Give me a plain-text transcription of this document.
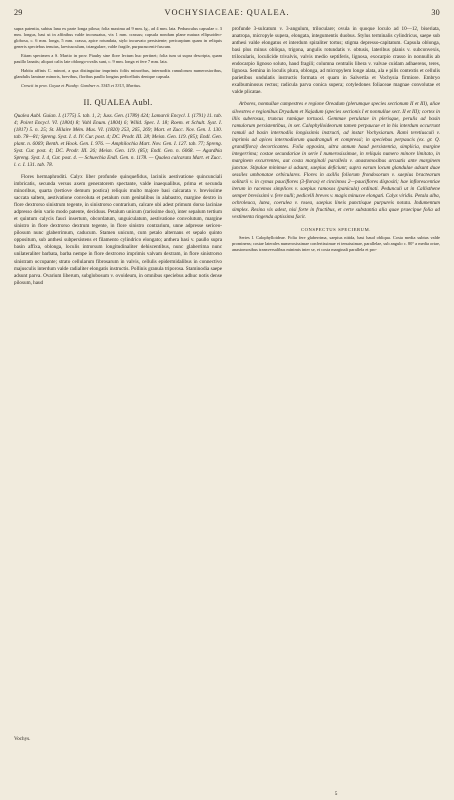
29	VOCHYSIACEAE: QUALEA.	30

supra patentia, subtus lana ex parte longa pilosa; folia maxima ad 9 mm. lg., ad 4 mm. lata. Pedunculus capsulae c. 3 mm. longus, basi ut in affinibus valde incrassatus, vix 1 mm. crassus; capsula nondum plane matura ellipsoideo-globosa, c. 6 mm. longa, 5 mm. crassa, apice rotundata, stylo incurvato persistente; pericarpium quam in reliquis generis speciebus tenuius, laeviusculum, triangulare, valde fragile, purpurascenti-fuscum.

Etiam specimen a S. Martio in prov. Piauhy sine flore lectum huc pertinet; folia tum ut supra descripta, quam pauillo lanatis; aliquot calix late oblongo-ovalis sunt, c. 9 mm. longa et fere 7 mm. lata.

Habitu affinis C. minori, a qua distinguitur imprimis foliis minoribus, internodiis ramulorum numerosioribus, glandulis laminae minoris, brevibus, floribus paullo longius pedicellatis denique capsula.

Crescit in prov. Goyaz et Piauhy: Gardner n. 3345 et 3313, Martius.

II. QUALEA Aubl.

Qualea Aubl. Guian. I. (1775) 5. tab. 1, 2; Juss. Gen. (1789) 424; Lamarck Encycl. I. (1791) 11. tab. 4; Poiret Encycl. VI. (1804) 8; Vahl Enum. (1804) 6; Willd. Spec. I. 18; Roem. et Schult. Syst. I. (1817) 5. n. 25; St. Hilaire Mém. Mus. VI. (1820) 253, 265, 269; Mart. et Zucc. Nov. Gen. I. 130. tab. 78—81; Spreng. Syst. I. 4. IV. Cur. post. 4; DC. Prodr. III. 28; Meisn. Gen. 119. (85); Endl. Gen. plant. n. 6069; Benth. et Hook. Gen. I. 976. — Amphilochia Mart. Nov. Gen. I. 127. tab. 77; Spreng. Syst. Cur. post. 4; DC. Prodr. III. 26; Meisn. Gen. 119. (85); Endl. Gen. n. 6068. — Agardhia Spreng. Syst. I. 4, Cur. post. 4. — Schuechia Endl. Gen. n. 1178. — Qualea calcarata Mart. et Zucc. l. c. I. 131. tab. 78.

Flores hermaphroditi. Calyx liber profunde quinquefidus, laciniis aestivatione quincunciali imbricatis, secunda versus axem generatorem spectante, valde inaequalibus, prima et secunda minoribus, quarta (tertiove demum postica) reliquis multo majore basi calcarata v. brevissime saccata saltem, aestivatione convoluta et petalum cum genitalibus in alabastro, margine dextro in flore dextrorso sinistrum tegente, in sinistrorso contrarium, calcare ubi adest primum dorso laciniae adpresso dein vario modo patente, deciduus. Petalum unicum (rarissime duo), inter sepalum tertium et quintum calycis fauci insertum, obcordatum, unguiculatum, aestivatione convolutum, margine sinistro in flore dextrorso dextrum tegente, in flore sinistro contrarium, unne adpresse sericeo-pilosum nunc glaberrimum, caducum. Stamen unicum, cum petalo alternans et sepalo quinto oppositum, sub anthesi subpersistens et filamento cylindrico elongato; anthera basi v. paullo supra basin affixa, oblonga, loculis introrsum longitudinaliter dehiscentibus, nunc glaberrima nunc unilateraliter barbata, barba nempe in flore dextrorso imprimis valvam dextram, in flore sinistrorso sinistram occupante; strato cellularum fibrosarum in valvis, cellulis epidermidalibus in connectivo majusculis interdum valde radialiter elongatis instructis. Pollinis granula triporosa. Staminodia saepe adsunt parva. Ovarium liberum, subglobosum v. ovoideum, in omnibus speciebus adhuc notis dense pilosum, haud

profunde 3-sulcatum v. 3-angulum, triloculare; ovula in quoque loculo ad 10—12, biseriata, anatropa, micropyle supera, elongata, integumentis duobus. Stylus terminalis cylindricus, saepe sub anthesi valde elongatus et interdum spiraliter tortus; stigma depresso-capitatum. Capsula oblonga, basi plus minus obliqua, trigona, angulis rotundatis v. obtusis, lateribus planis v. subconvexis, trilocularis, loculicide trivalvis, valvis medio septiferis, lignosa, exocarpio crasso in nonnullis ab endocarpio lignoso soluto, haud fragili; columna centralis libera v. valvae cuidam adhaerens, teres, lignosa. Semina in loculis plura, oblonga, ad micropylem longe alata, ala e pilis contextis et cellulis parietibus undulatis instructis formata et quam in Salvertia et Vochysia firmiore. Embryo exalbuminosus rectus; radicula parva conica supera; cotyledones foliaceae magnae convolutae et valde plicatae.

Arbores, nonnullae campestres e regione Oreadum (plerumque species sectionum II et III), aliae silvestres e regionibus Dryadum et Najadum (species sectionis I et nonnullae sect. II et III); cortex in illis suberosus, truncus ramique tortuosi. Gemmae perulatae in plerisque, perulis ad basin ramulorum persistentibus, in ser. Calophylloideorum tamen perpaucae et in his interdum occurrunt ramuli ad basin internodiis longissimis instructi, ad instar Vochysiarum. Rami teretiusculi v. inprimis ad apices internodiorum quadranguli et compressi; in speciebus perpaucis (ex. gr. Q. grandiflora) decorticantes. Folia opposita, ultra annum haud persistentia, simplicia, margine integerrima; costae secundariae in serie I numerosissimae, in reliquis numero minore limitato, in marginem excurrentes, aut costa marginali parallela v. anastomosibus arcuatis ante marginem junctae. Stipulae minimae si adsunt, saepius deficiunt; supra earum locum glandulae adsunt duae sessiles umbonatae orbiculares. Flores in axillis foliorum frondosorum v. saepius bractearum solitarii v. in cymas pauciflores (3-floras) et cincinnos 2—pauciflores dispositi; hae inflorescentiae iterum in racemos simplices v. saepius ramosos (panicula) ordinati. Pedunculi ut in Callisthene semper brevissimi v. fere nulli; pedicelli breves v. magis minusve elongati. Calyx viridis. Petala alba, ochroleuca, lutea, coerulea v. rosea, saepius lineis punctisque purpureis notata. Indumentum simplex. Resina vix adest, nisi forte in fructibus, et certe substantia alia quae praecipue folia ad vestimenta tingenda aptissima facit.

CONSPECTUS SPECIERUM.

Series I. Calophylloideae. Folia fere glaberrima, saepius nitida, basi haud obliqua. Costa media subtus valde prominens; costae laterales numerosissimae confertissimae et tenuissimae, parallelae, sub angulo c. 80° a media ortae, anastomosibus transversalibus minimis inter se, et costa marginali parallela et pro-

Vochys.
5
